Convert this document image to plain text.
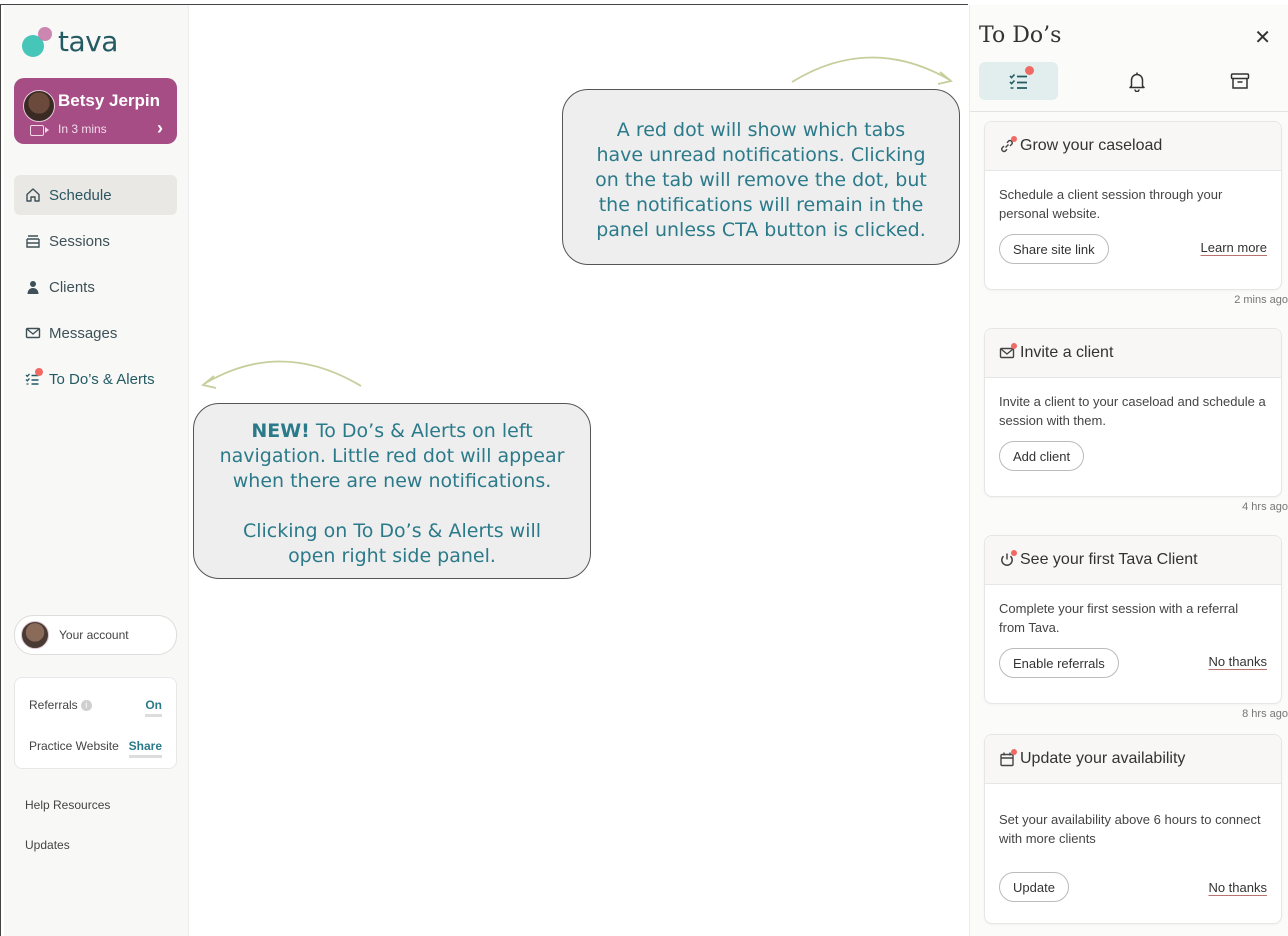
tava
Betsy Jerpin
In 3 mins	›
Schedule
Sessions
Clients
Messages
To Do’s & Alerts
Your account
Referrals i	On
Practice Website Share
Help Resources
Updates
A red dot will show which tabs have unread notifications. Clicking on the tab will remove the dot, but the notifications will remain in the panel unless CTA button is clicked.
NEW! To Do’s & Alerts on left navigation. Little red dot will appear when there are new notifications.
Clicking on To Do’s & Alerts will open right side panel.
To Do’s	✕
Grow your caseload
Schedule a client session through your personal website.
Share site link	Learn more
2 mins ago
Invite a client
Invite a client to your caseload and schedule a session with them.
Add client
4 hrs ago
See your first Tava Client
Complete your first session with a referral from Tava.
Enable referrals	No thanks
8 hrs ago
Update your availability
Set your availability above 6 hours to connect with more clients
Update	No thanks
